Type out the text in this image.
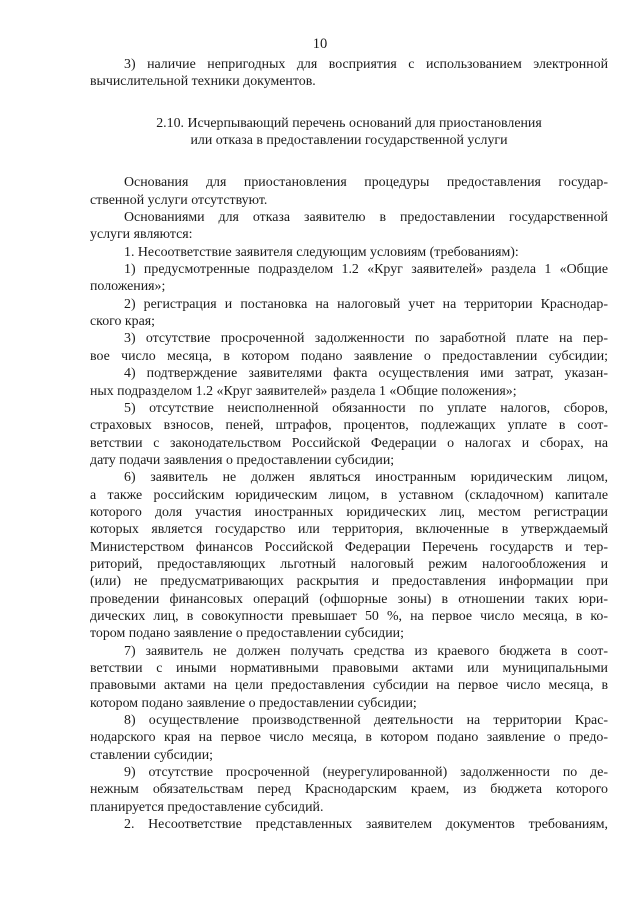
10
3) наличие непригодных для восприятия с использованием электронной
вычислительной техники документов.
2.10. Исчерпывающий перечень оснований для приостановления
или отказа в предоставлении государственной услуги
Основания для приостановления процедуры предоставления государ-
ственной услуги отсутствуют.
Основаниями для отказа заявителю в предоставлении государственной
услуги являются:
1. Несоответствие заявителя следующим условиям (требованиям):
1) предусмотренные подразделом 1.2 «Круг заявителей» раздела 1 «Общие
положения»;
2) регистрация и постановка на налоговый учет на территории Краснодар-
ского края;
3) отсутствие просроченной задолженности по заработной плате на пер-
вое число месяца, в котором подано заявление о предоставлении субсидии;
4) подтверждение заявителями факта осуществления ими затрат, указан-
ных подразделом 1.2 «Круг заявителей» раздела 1 «Общие положения»;
5) отсутствие неисполненной обязанности по уплате налогов, сборов,
страховых взносов, пеней, штрафов, процентов, подлежащих уплате в соот-
ветствии с законодательством Российской Федерации о налогах и сборах, на
дату подачи заявления о предоставлении субсидии;
6) заявитель не должен являться иностранным юридическим лицом,
а также российским юридическим лицом, в уставном (складочном) капитале
которого доля участия иностранных юридических лиц, местом регистрации
которых является государство или территория, включенные в утверждаемый
Министерством финансов Российской Федерации Перечень государств и тер-
риторий, предоставляющих льготный налоговый режим налогообложения и
(или) не предусматривающих раскрытия и предоставления информации при
проведении финансовых операций (офшорные зоны) в отношении таких юри-
дических лиц, в совокупности превышает 50 %, на первое число месяца, в ко-
тором подано заявление о предоставлении субсидии;
7) заявитель не должен получать средства из краевого бюджета в соот-
ветствии с иными нормативными правовыми актами или муниципальными
правовыми актами на цели предоставления субсидии на первое число месяца, в
котором подано заявление о предоставлении субсидии;
8) осуществление производственной деятельности на территории Крас-
нодарского края на первое число месяца, в котором подано заявление о предо-
ставлении субсидии;
9) отсутствие просроченной (неурегулированной) задолженности по де-
нежным обязательствам перед Краснодарским краем, из бюджета которого
планируется предоставление субсидий.
2. Несоответствие представленных заявителем документов требованиям,
